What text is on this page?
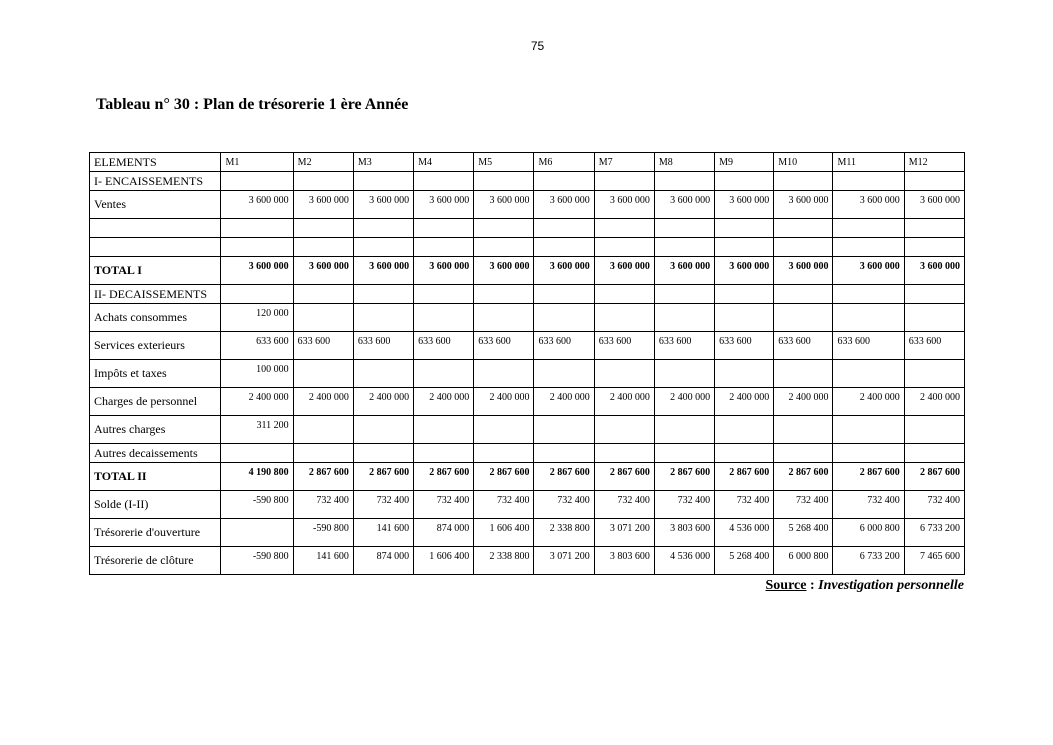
75
Tableau n° 30 : Plan de trésorerie 1 ère Année
ELEMENTS	M1	M2	M3	M4	M5	M6	M7	M8	M9	M10	M11	M12
I- ENCAISSEMENTS												
Ventes	3 600 000	3 600 000	3 600 000	3 600 000	3 600 000	3 600 000	3 600 000	3 600 000	3 600 000	3 600 000	3 600 000	3 600 000

TOTAL I	3 600 000	3 600 000	3 600 000	3 600 000	3 600 000	3 600 000	3 600 000	3 600 000	3 600 000	3 600 000	3 600 000	3 600 000
II- DECAISSEMENTS												
Achats consommes	120 000											
Services exterieurs	633 600	633 600	633 600	633 600	633 600	633 600	633 600	633 600	633 600	633 600	633 600	633 600
Impôts et taxes	100 000											
Charges de personnel	2 400 000	2 400 000	2 400 000	2 400 000	2 400 000	2 400 000	2 400 000	2 400 000	2 400 000	2 400 000	2 400 000	2 400 000
Autres charges	311 200											
Autres decaissements												
TOTAL II	4 190 800	2 867 600	2 867 600	2 867 600	2 867 600	2 867 600	2 867 600	2 867 600	2 867 600	2 867 600	2 867 600	2 867 600
Solde (I-II)	-590 800	732 400	732 400	732 400	732 400	732 400	732 400	732 400	732 400	732 400	732 400	732 400
Trésorerie d'ouverture		-590 800	141 600	874 000	1 606 400	2 338 800	3 071 200	3 803 600	4 536 000	5 268 400	6 000 800	6 733 200
Trésorerie de clôture	-590 800	141 600	874 000	1 606 400	2 338 800	3 071 200	3 803 600	4 536 000	5 268 400	6 000 800	6 733 200	7 465 600
Source : Investigation personnelle
